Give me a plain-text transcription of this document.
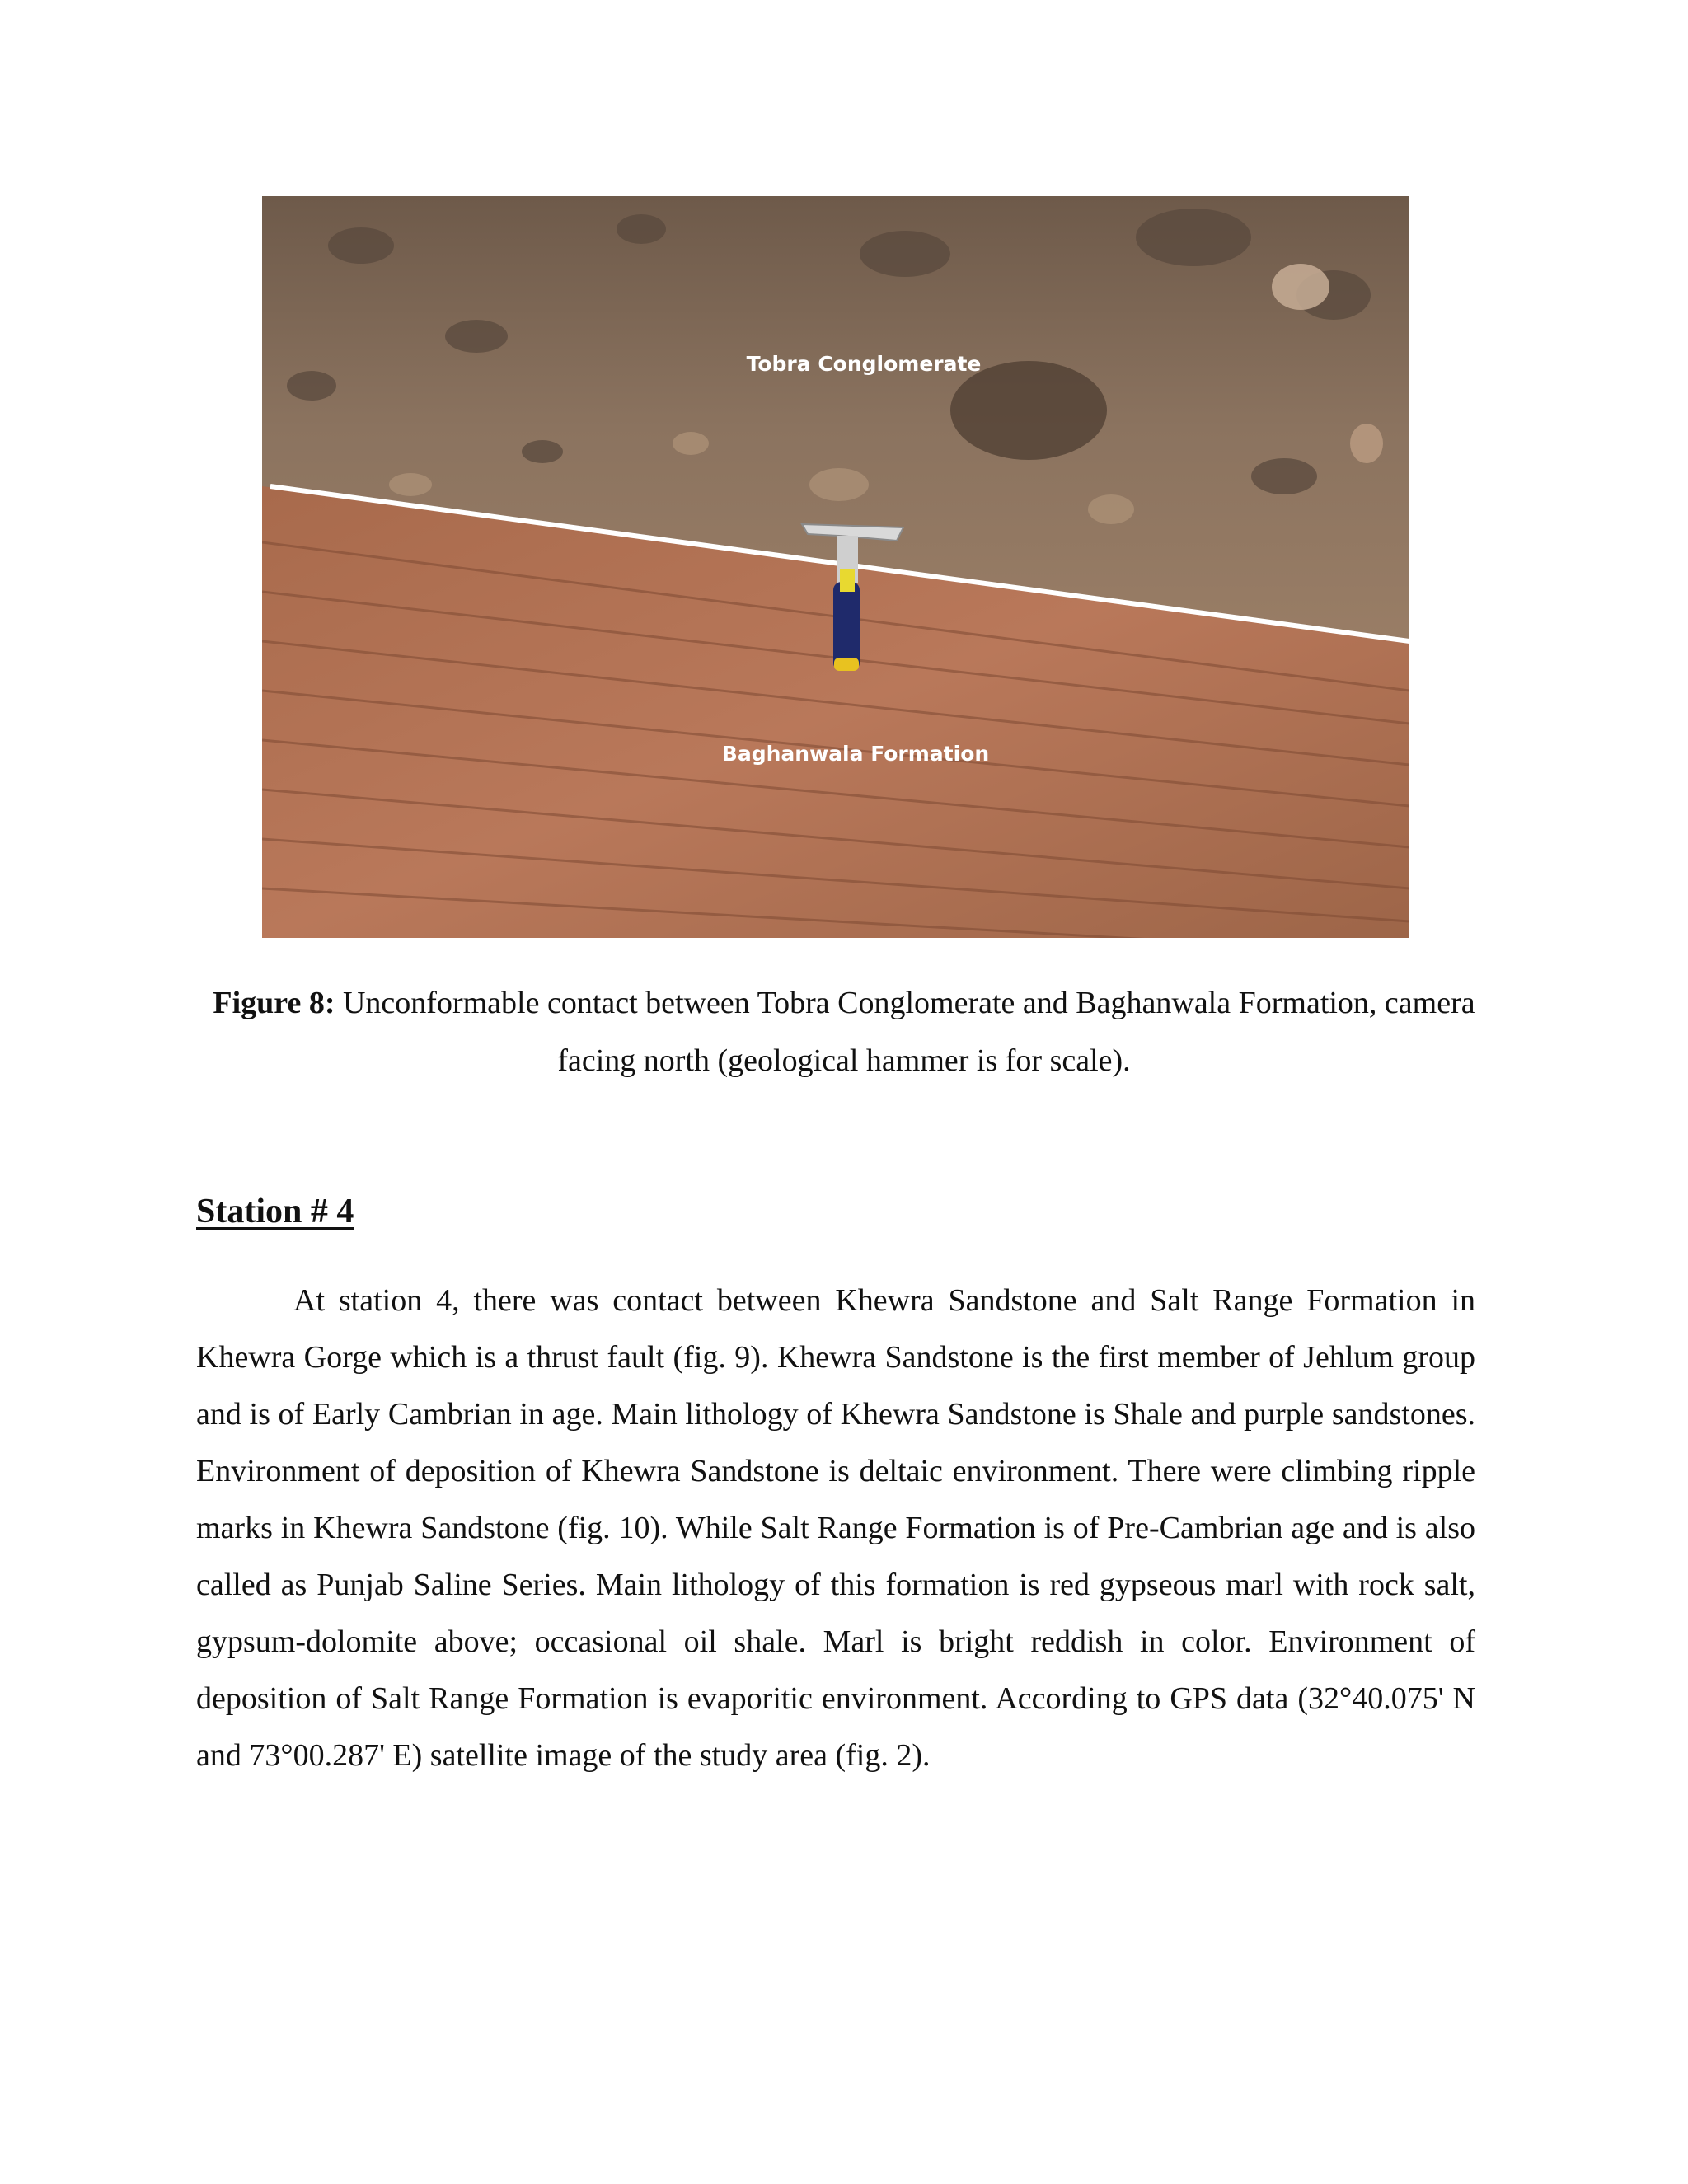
Tobra Conglomerate
Baghanwala Formation
Figure 8: Unconformable contact between Tobra Conglomerate and Baghanwala Formation, camera facing north (geological hammer is for scale).
Station # 4

At station 4, there was contact between Khewra Sandstone and Salt Range Formation in Khewra Gorge which is a thrust fault (fig. 9). Khewra Sandstone is the first member of Jehlum group and is of Early Cambrian in age. Main lithology of Khewra Sandstone is Shale and purple sandstones. Environment of deposition of Khewra Sandstone is deltaic environment. There were climbing ripple marks in Khewra Sandstone (fig. 10). While Salt Range Formation is of Pre-Cambrian age and is also called as Punjab Saline Series. Main lithology of this formation is red gypseous marl with rock salt, gypsum-dolomite above; occasional oil shale. Marl is bright reddish in color. Environment of deposition of Salt Range Formation is evaporitic environment. According to GPS data (32°40.075' N and 73°00.287' E) satellite image of the study area (fig. 2).
